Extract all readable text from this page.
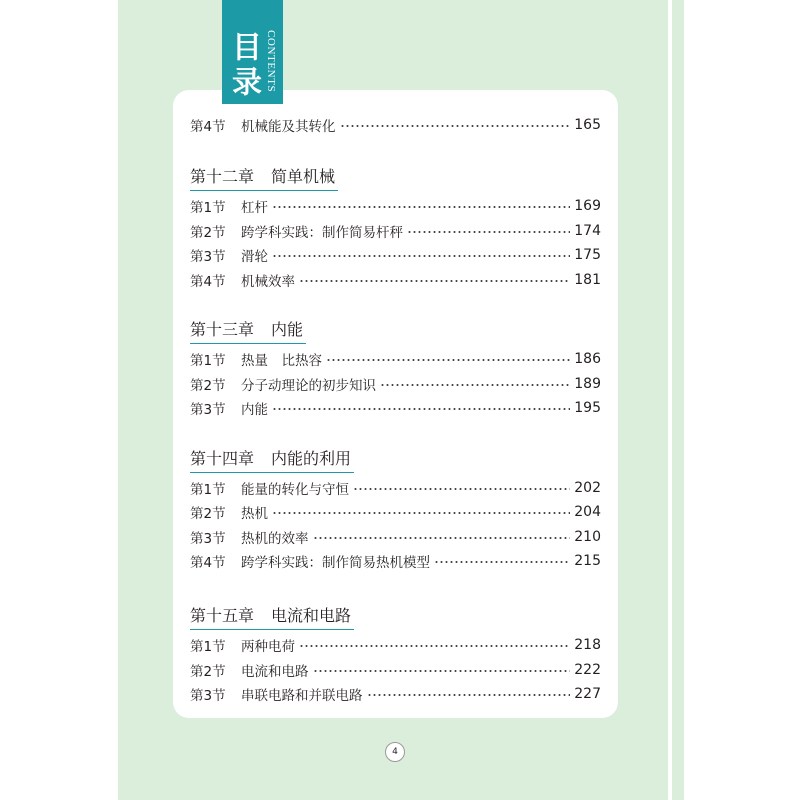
目录 CONTENTS
第4节	机械能及其转化	165
第十二章 简单机械
第1节	杠杆	169
第2节	跨学科实践：制作简易杆秤	174
第3节	滑轮	175
第4节	机械效率	181
第十三章 内能
第1节	热量　比热容	186
第2节	分子动理论的初步知识	189
第3节	内能	195
第十四章 内能的利用
第1节	能量的转化与守恒	202
第2节	热机	204
第3节	热机的效率	210
第4节	跨学科实践：制作简易热机模型	215
第十五章 电流和电路
第1节	两种电荷	218
第2节	电流和电路	222
第3节	串联电路和并联电路	227
4
